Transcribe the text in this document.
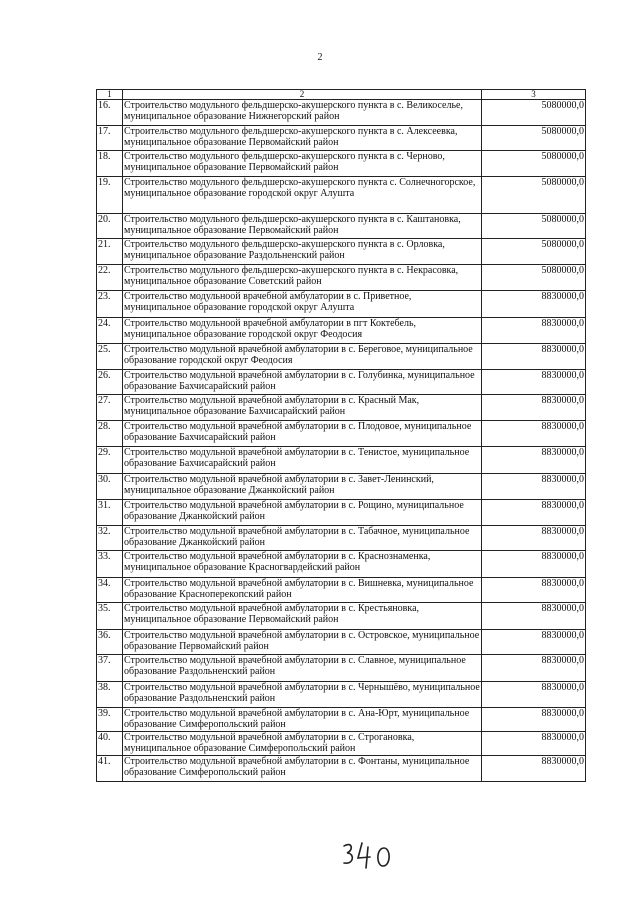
2
1	2	3
16.	Строительство модульного фельдшерско-акушерского пункта в с. Великоселье, муниципальное образование Нижнегорский район	5080000,0
17.	Строительство модульного фельдшерско-акушерского пункта в с. Алексеевка, муниципальное образование Первомайский район	5080000,0
18.	Строительство модульного фельдшерско-акушерского пункта в с. Черново, муниципальное образование Первомайский район	5080000,0
19.	Строительство модульного фельдшерско-акушерского пункта с. Солнечногорское, муниципальное образование городской округ Алушта	5080000,0
20.	Строительство модульного фельдшерско-акушерского пункта в с. Каштановка, муниципальное образование Первомайский район	5080000,0
21.	Строительство модульного фельдшерско-акушерского пункта в с. Орловка, муниципальное образование Раздольненский район	5080000,0
22.	Строительство модульного фельдшерско-акушерского пункта в с. Некрасовка, муниципальное образование Советский район	5080000,0
23.	Строительство модульноой врачебной амбулатории в с. Приветное, муниципальное образование городской округ Алушта	8830000,0
24.	Строительство модульноой врачебной амбулатории в пгт Коктебель, муниципальное образование городской округ Феодосия	8830000,0
25.	Строительство модульной врачебной амбулатории в с. Береговое, муниципальное образование городской округ Феодосия	8830000,0
26.	Строительство модульной врачебной амбулатории в с. Голубинка, муниципальное образование Бахчисарайский район	8830000,0
27.	Строительство модульной врачебной амбулатории в с. Красный Мак, муниципальное образование Бахчисарайский район	8830000,0
28.	Строительство модульной врачебной амбулатории в с. Плодовое, муниципальное образование Бахчисарайский район	8830000,0
29.	Строительство модульной врачебной амбулатории в с. Тенистое, муниципальное образование Бахчисарайский район	8830000,0
30.	Строительство модульной врачебной амбулатории в с. Завет-Ленинский, муниципальное образование Джанкойский район	8830000,0
31.	Строительство модульной врачебной амбулатории в с. Рощино, муниципальное образование Джанкойский район	8830000,0
32.	Строительство модульной врачебной амбулатории в с. Табачное, муниципальное образование Джанкойский район	8830000,0
33.	Строительство модульной врачебной амбулатории в с. Краснознаменка, муниципальное образование Красногвардейский район	8830000,0
34.	Строительство модульной врачебной амбулатории в с. Вишневка, муниципальное образование Красноперекопский район	8830000,0
35.	Строительство модульной врачебной амбулатории в с. Крестьяновка, муниципальное образование Первомайский район	8830000,0
36.	Строительство модульной врачебной амбулатории в с. Островское, муниципальное образование Первомайский район	8830000,0
37.	Строительство модульной врачебной амбулатории в с. Славное, муниципальное образование Раздольненский район	8830000,0
38.	Строительство модульной врачебной амбулатории в с. Чернышёво, муниципальное образование Раздольненский район	8830000,0
39.	Строительство модульной врачебной амбулатории в с. Ана-Юрт, муниципальное образование Симферопольский район	8830000,0
40.	Строительство модульной врачебной амбулатории в с. Строгановка, муниципальное образование Симферопольский район	8830000,0
41.	Строительство модульной врачебной амбулатории в с. Фонтаны, муниципальное образование Симферопольский район	8830000,0
